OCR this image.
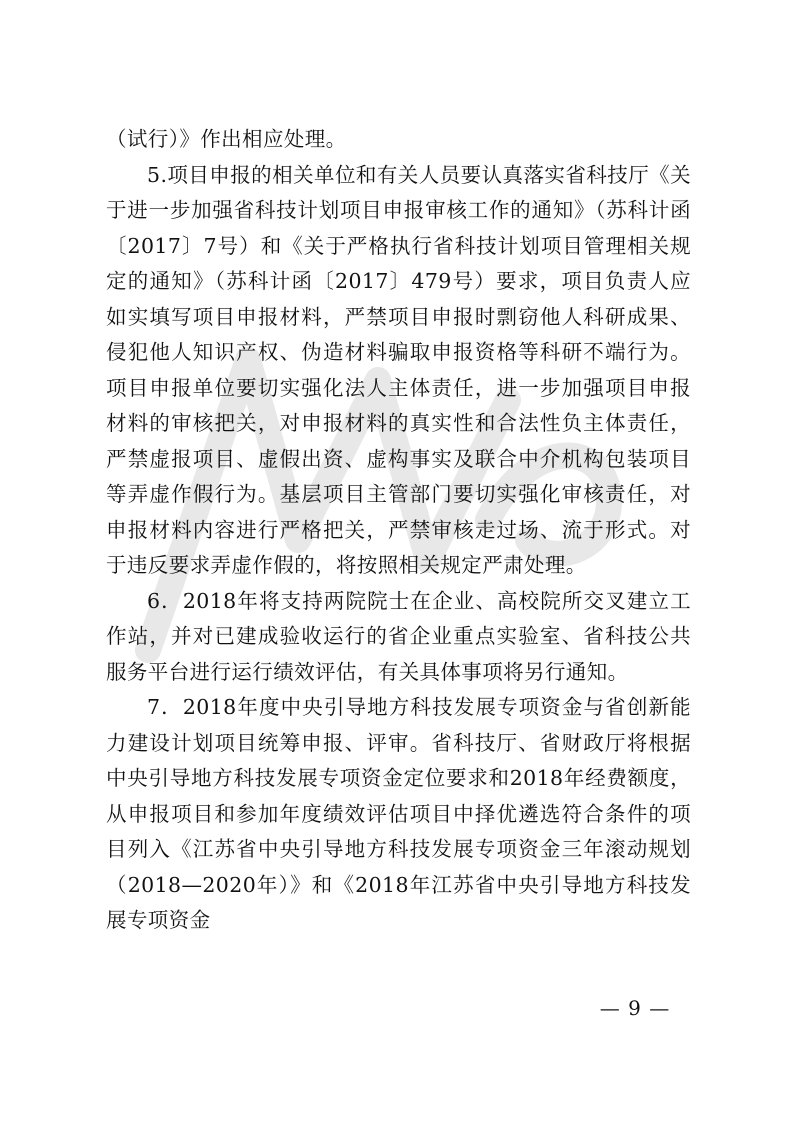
（试行）》作出相应处理。

5.项目申报的相关单位和有关人员要认真落实省科技厅《关于进一步加强省科技计划项目申报审核工作的通知》（苏科计函〔2017〕7号）和《关于严格执行省科技计划项目管理相关规定的通知》（苏科计函〔2017〕479号）要求，项目负责人应如实填写项目申报材料，严禁项目申报时剽窃他人科研成果、侵犯他人知识产权、伪造材料骗取申报资格等科研不端行为。项目申报单位要切实强化法人主体责任，进一步加强项目申报材料的审核把关，对申报材料的真实性和合法性负主体责任，严禁虚报项目、虚假出资、虚构事实及联合中介机构包装项目等弄虚作假行为。基层项目主管部门要切实强化审核责任，对申报材料内容进行严格把关，严禁审核走过场、流于形式。对于违反要求弄虚作假的，将按照相关规定严肃处理。

6．2018年将支持两院院士在企业、高校院所交叉建立工作站，并对已建成验收运行的省企业重点实验室、省科技公共服务平台进行运行绩效评估，有关具体事项将另行通知。

7．2018年度中央引导地方科技发展专项资金与省创新能力建设计划项目统筹申报、评审。省科技厅、省财政厅将根据中央引导地方科技发展专项资金定位要求和2018年经费额度，从申报项目和参加年度绩效评估项目中择优遴选符合条件的项目列入《江苏省中央引导地方科技发展专项资金三年滚动规划（2018—2020年）》和《2018年江苏省中央引导地方科技发展专项资金

— 9 —
